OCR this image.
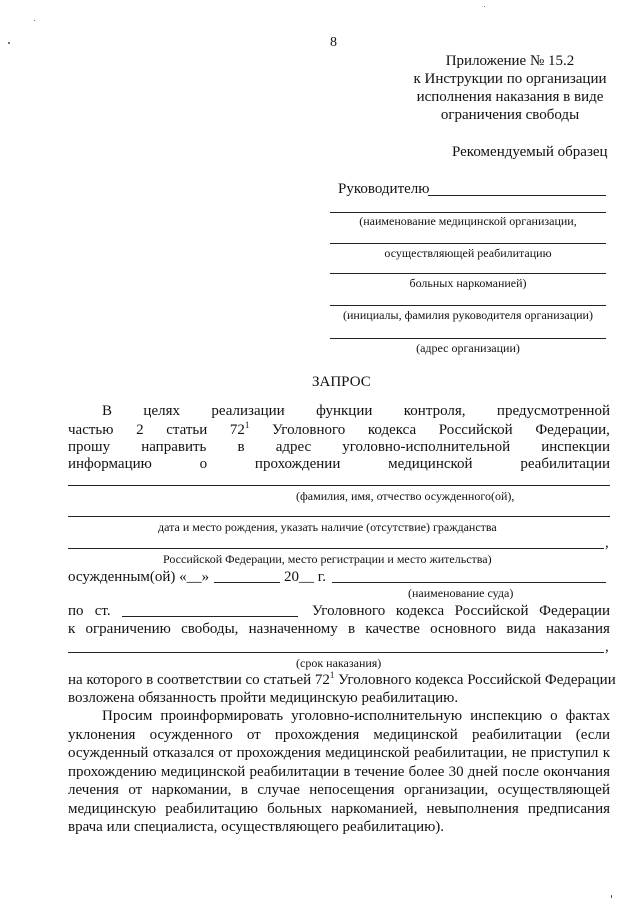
8
Приложение № 15.2
к Инструкции по организации
исполнения наказания в виде
ограничения свободы
Рекомендуемый образец
Руководителю
(наименование медицинской организации,
осуществляющей реабилитацию
больных наркоманией)
(инициалы, фамилия руководителя организации)
(адрес организации)
ЗАПРОС
В целях реализации функции контроля, предусмотренной
частью 2 статьи $72^1$ Уголовного кодекса Российской Федерации,
прошу направить в адрес уголовно-исполнительной инспекции
информацию	о	прохождении	медицинской	реабилитации
(фамилия, имя, отчество осужденного(ой),
дата и место рождения, указать наличие (отсутствие) гражданства
,
Российской Федерации, место регистрации и место жительства)
осужденным(ой) «__»	20__ г.
(наименование суда)
по   ст.	Уголовного кодекса Российской Федерации
к ограничению свободы, назначенному в качестве основного вида наказания
,
(срок наказания)
на которого в соответствии со статьей $72^1$ Уголовного кодекса Российской Федерации
возложена обязанность пройти медицинскую реабилитацию.
Просим проинформировать уголовно-исполнительную инспекцию о фактах уклонения осужденного от прохождения медицинской реабилитации (если осужденный отказался от прохождения медицинской реабилитации, не приступил к прохождению медицинской реабилитации в течение более 30 дней после окончания лечения от наркомании, в случае непосещения организации, осуществляющей медицинскую реабилитацию больных наркоманией, невыполнения предписания врача или специалиста, осуществляющего реабилитацию).
